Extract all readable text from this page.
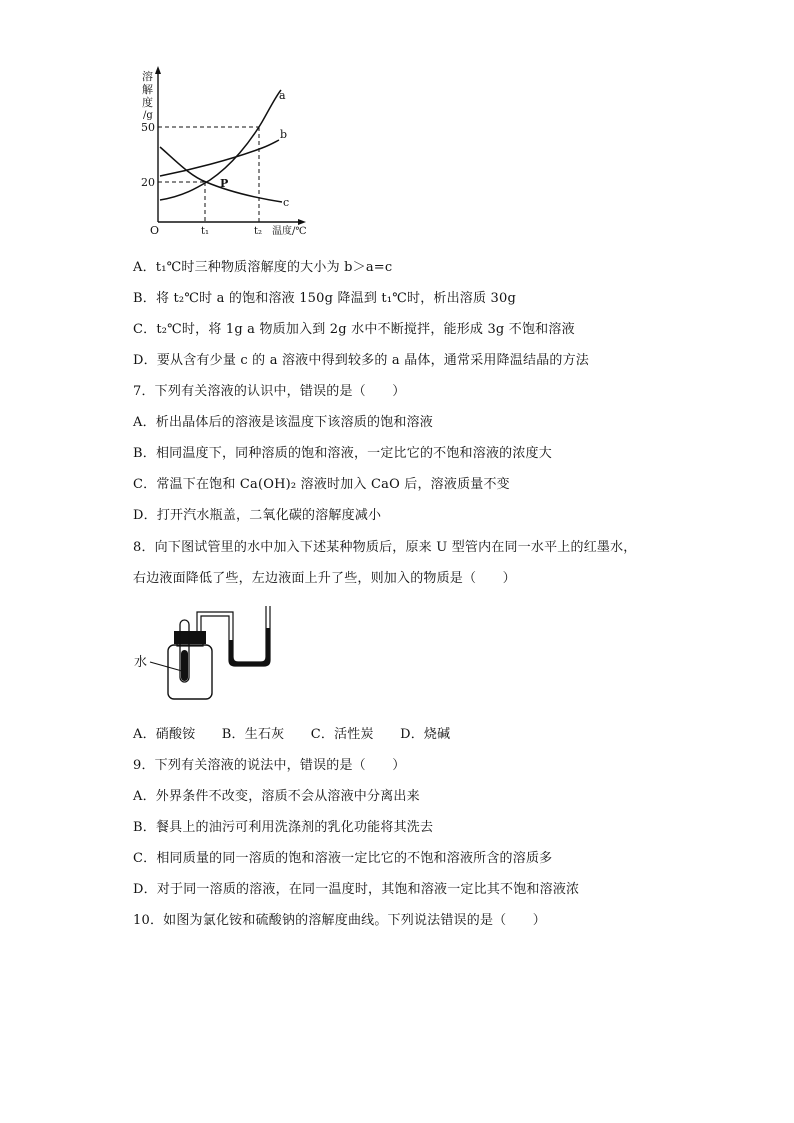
溶
解
度
/g
50
20
O	t₁	t₂ 温度/℃
P
a
b
c
水
A．t₁℃时三种物质溶解度的大小为 b＞a=c
B．将 t₂℃时 a 的饱和溶液 150g 降温到 t₁℃时，析出溶质 30g
C．t₂℃时，将 1g a 物质加入到 2g 水中不断搅拌，能形成 3g 不饱和溶液
D．要从含有少量 c 的 a 溶液中得到较多的 a 晶体，通常采用降温结晶的方法
7．下列有关溶液的认识中，错误的是（　　）
A．析出晶体后的溶液是该温度下该溶质的饱和溶液
B．相同温度下，同种溶质的饱和溶液，一定比它的不饱和溶液的浓度大
C．常温下在饱和 Ca(OH)₂ 溶液时加入 CaO 后，溶液质量不变
D．打开汽水瓶盖，二氧化碳的溶解度减小
8．向下图试管里的水中加入下述某种物质后，原来 U 型管内在同一水平上的红墨水，
右边液面降低了些，左边液面上升了些，则加入的物质是（　　）
A．硝酸铵　　B．生石灰　　C．活性炭　　D．烧碱
9．下列有关溶液的说法中，错误的是（　　）
A．外界条件不改变，溶质不会从溶液中分离出来
B．餐具上的油污可利用洗涤剂的乳化功能将其洗去
C．相同质量的同一溶质的饱和溶液一定比它的不饱和溶液所含的溶质多
D．对于同一溶质的溶液，在同一温度时，其饱和溶液一定比其不饱和溶液浓
10．如图为氯化铵和硫酸钠的溶解度曲线。下列说法错误的是（　　）
